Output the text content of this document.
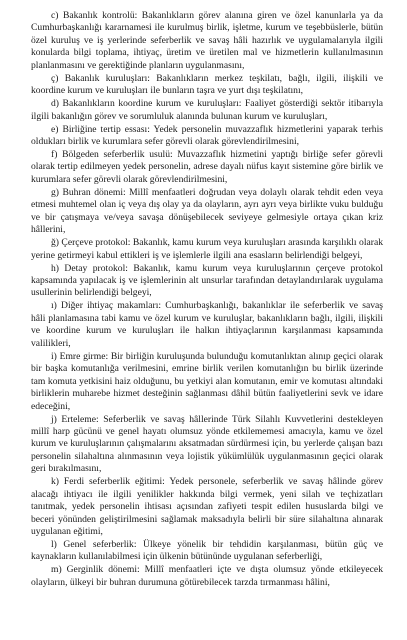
c) Bakanlık kontrolü: Bakanlıkların görev alanına giren ve özel kanunlarla ya da Cumhurbaşkanlığı kararnamesi ile kurulmuş birlik, işletme, kurum ve teşebbüslerle, bütün özel kuruluş ve iş yerlerinde seferberlik ve savaş hâli hazırlık ve uygulamalarıyla ilgili konularda bilgi toplama, ihtiyaç, üretim ve üretilen mal ve hizmetlerin kullanılmasının planlanmasını ve gerektiğinde planların uygulanmasını,

ç) Bakanlık kuruluşları: Bakanlıkların merkez teşkilatı, bağlı, ilgili, ilişkili ve koordine kurum ve kuruluşları ile bunların taşra ve yurt dışı teşkilatını,

d) Bakanlıkların koordine kurum ve kuruluşları: Faaliyet gösterdiği sektör itibarıyla ilgili bakanlığın görev ve sorumluluk alanında bulunan kurum ve kuruluşları,

e) Birliğine tertip essası: Yedek personelin muvazzaflık hizmetlerini yaparak terhis oldukları birlik ve kurumlara sefer görevli olarak görevlendirilmesini,

f) Bölgeden seferberlik usulü: Muvazzaflık hizmetini yaptığı birliğe sefer görevli olarak tertip edilmeyen yedek personelin, adrese dayalı nüfus kayıt sistemine göre birlik ve kurumlara sefer görevli olarak görevlendirilmesini,

g) Buhran dönemi: Millî menfaatleri doğrudan veya dolaylı olarak tehdit eden veya etmesi muhtemel olan iç veya dış olay ya da olayların, ayrı ayrı veya birlikte vuku bulduğu ve bir çatışmaya ve/veya savaşa dönüşebilecek seviyeye gelmesiyle ortaya çıkan kriz hâllerini,

ğ) Çerçeve protokol: Bakanlık, kamu kurum veya kuruluşları arasında karşılıklı olarak yerine getirmeyi kabul ettikleri iş ve işlemlerle ilgili ana esasların belirlendiği belgeyi,

h) Detay protokol: Bakanlık, kamu kurum veya kuruluşlarının çerçeve protokol kapsamında yapılacak iş ve işlemlerinin alt unsurlar tarafından detaylandırılarak uygulama usullerinin belirlendiği belgeyi,

ı) Diğer ihtiyaç makamları: Cumhurbaşkanlığı, bakanlıklar ile seferberlik ve savaş hâli planlamasına tabi kamu ve özel kurum ve kuruluşlar, bakanlıkların bağlı, ilgili, ilişkili ve koordine kurum ve kuruluşları ile halkın ihtiyaçlarının karşılanması kapsamında valilikleri,

i) Emre girme: Bir birliğin kuruluşunda bulunduğu komutanlıktan alınıp geçici olarak bir başka komutanlığa verilmesini, emrine birlik verilen komutanlığın bu birlik üzerinde tam komuta yetkisini haiz olduğunu, bu yetkiyi alan komutanın, emir ve komutası altındaki birliklerin muharebe hizmet desteğinin sağlanması dâhil bütün faaliyetlerini sevk ve idare edeceğini,

j) Erteleme: Seferberlik ve savaş hâllerinde Türk Silahlı Kuvvetlerini destekleyen millî harp gücünü ve genel hayatı olumsuz yönde etkilememesi amacıyla, kamu ve özel kurum ve kuruluşlarının çalışmalarını aksatmadan sürdürmesi için, bu yerlerde çalışan bazı personelin silahaltına alınmasının veya lojistik yükümlülük uygulanmasının geçici olarak geri bırakılmasını,

k) Ferdi seferberlik eğitimi: Yedek personele, seferberlik ve savaş hâlinde görev alacağı ihtiyacı ile ilgili yenilikler hakkında bilgi vermek, yeni silah ve teçhizatları tanıtmak, yedek personelin ihtisası açısından zafiyeti tespit edilen hususlarda bilgi ve beceri yönünden geliştirilmesini sağlamak maksadıyla belirli bir süre silahaltına alınarak uygulanan eğitimi,

l) Genel seferberlik: Ülkeye yönelik bir tehdidin karşılanması, bütün güç ve kaynakların kullanılabilmesi için ülkenin bütününde uygulanan seferberliği,

m) Gerginlik dönemi: Millî menfaatleri içte ve dışta olumsuz yönde etkileyecek olayların, ülkeyi bir buhran durumuna götürebilecek tarzda tırmanması hâlini,
